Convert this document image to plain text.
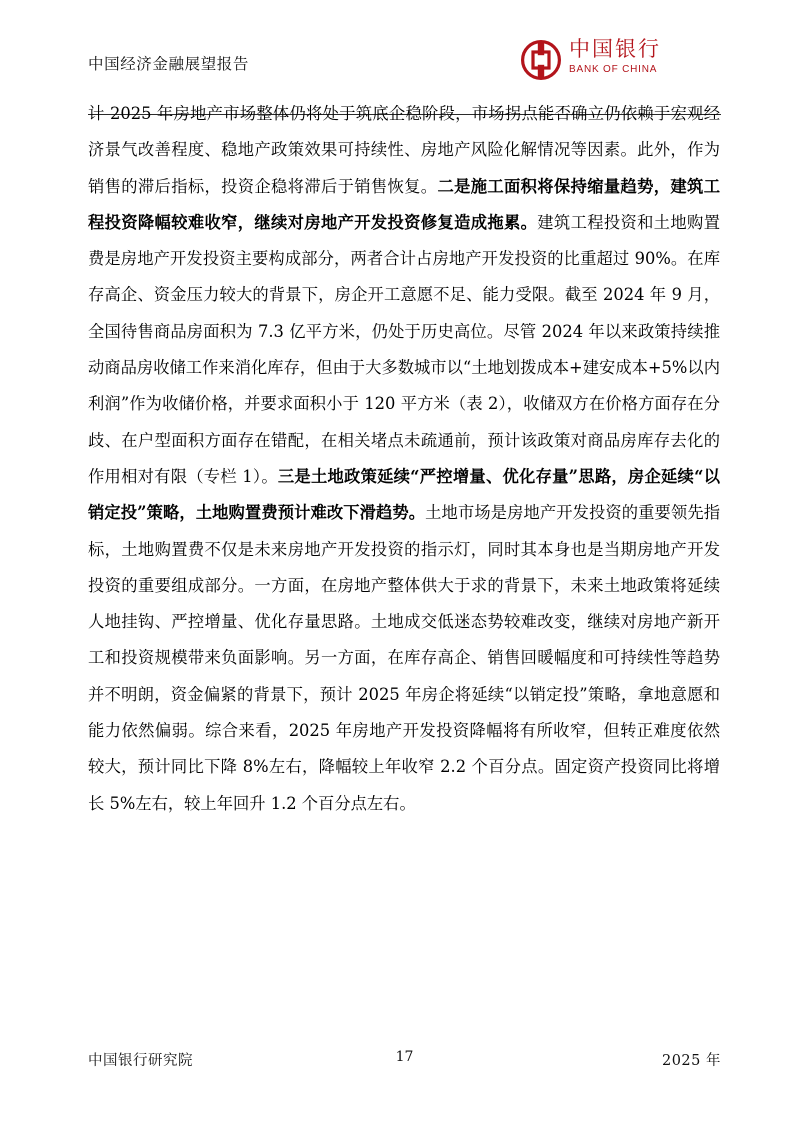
中国经济金融展望报告
中国银行
BANK OF CHINA

计 2025 年房地产市场整体仍将处于筑底企稳阶段，市场拐点能否确立仍依赖于宏观经济景气改善程度、稳地产政策效果可持续性、房地产风险化解情况等因素。此外，作为销售的滞后指标，投资企稳将滞后于销售恢复。二是施工面积将保持缩量趋势，建筑工程投资降幅较难收窄，继续对房地产开发投资修复造成拖累。建筑工程投资和土地购置费是房地产开发投资主要构成部分，两者合计占房地产开发投资的比重超过 90%。在库存高企、资金压力较大的背景下，房企开工意愿不足、能力受限。截至 2024 年 9 月，全国待售商品房面积为 7.3 亿平方米，仍处于历史高位。尽管 2024 年以来政策持续推动商品房收储工作来消化库存，但由于大多数城市以“土地划拨成本+建安成本+5%以内利润”作为收储价格，并要求面积小于 120 平方米（表 2），收储双方在价格方面存在分歧、在户型面积方面存在错配，在相关堵点未疏通前，预计该政策对商品房库存去化的作用相对有限（专栏 1）。三是土地政策延续“严控增量、优化存量”思路，房企延续“以销定投”策略，土地购置费预计难改下滑趋势。土地市场是房地产开发投资的重要领先指标，土地购置费不仅是未来房地产开发投资的指示灯，同时其本身也是当期房地产开发投资的重要组成部分。一方面，在房地产整体供大于求的背景下，未来土地政策将延续人地挂钩、严控增量、优化存量思路。土地成交低迷态势较难改变，继续对房地产新开工和投资规模带来负面影响。另一方面，在库存高企、销售回暖幅度和可持续性等趋势并不明朗，资金偏紧的背景下，预计 2025 年房企将延续“以销定投”策略，拿地意愿和能力依然偏弱。综合来看，2025 年房地产开发投资降幅将有所收窄，但转正难度依然较大，预计同比下降 8%左右，降幅较上年收窄 2.2 个百分点。固定资产投资同比将增长 5%左右，较上年回升 1.2 个百分点左右。

中国银行研究院	17	2025 年
